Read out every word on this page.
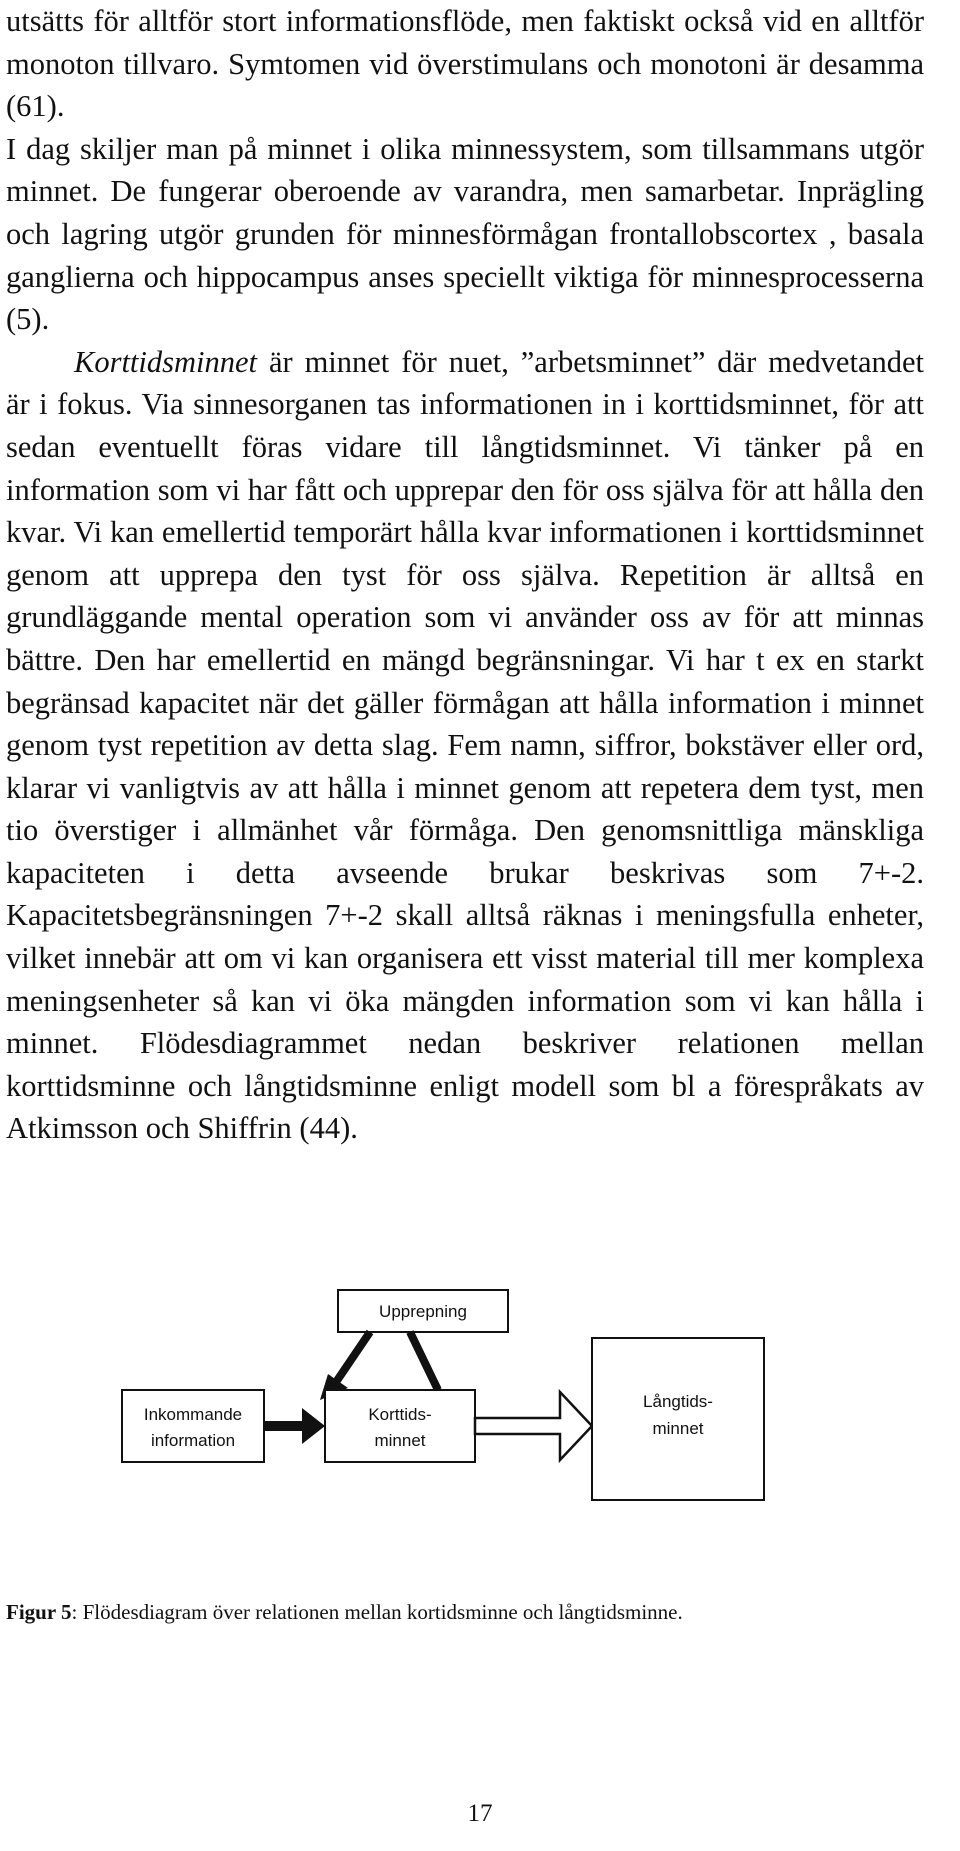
utsätts för alltför stort informationsflöde, men faktiskt också vid en alltför monoton tillvaro. Symtomen vid överstimulans och monotoni är desamma (61).

I dag skiljer man på minnet i olika minnessystem, som tillsammans utgör minnet. De fungerar oberoende av varandra, men samarbetar. Inprägling och lagring utgör grunden för minnesförmågan frontallobscortex , basala ganglierna och hippocampus anses speciellt viktiga för minnesprocesserna (5).

Korttidsminnet är minnet för nuet, ”arbetsminnet” där medvetandet är i fokus. Via sinnesorganen tas informationen in i korttidsminnet, för att sedan eventuellt föras vidare till långtidsminnet. Vi tänker på en information som vi har fått och upprepar den för oss själva för att hålla den kvar. Vi kan emellertid temporärt hålla kvar informationen i korttidsminnet genom att upprepa den tyst för oss själva. Repetition är alltså en grundläggande mental operation som vi använder oss av för att minnas bättre. Den har emellertid en mängd begränsningar. Vi har t ex en starkt begränsad kapacitet när det gäller förmågan att hålla information i minnet genom tyst repetition av detta slag. Fem namn, siffror, bokstäver eller ord, klarar vi vanligtvis av att hålla i minnet genom att repetera dem tyst, men tio överstiger i allmänhet vår förmåga. Den genomsnittliga mänskliga kapaciteten i detta avseende brukar beskrivas som 7+-2. Kapacitetsbegränsningen 7+-2 skall alltså räknas i meningsfulla enheter, vilket innebär att om vi kan organisera ett visst material till mer komplexa meningsenheter så kan vi öka mängden information som vi kan hålla i minnet. Flödesdiagrammet nedan beskriver relationen mellan korttidsminne och långtidsminne enligt modell som bl a förespråkats av Atkimsson och Shiffrin (44).

Upprepning
Inkommande
information
Korttids-
minnet
Långtids-
minnet
Figur 5: Flödesdiagram över relationen mellan kortidsminne och långtidsminne.
17
